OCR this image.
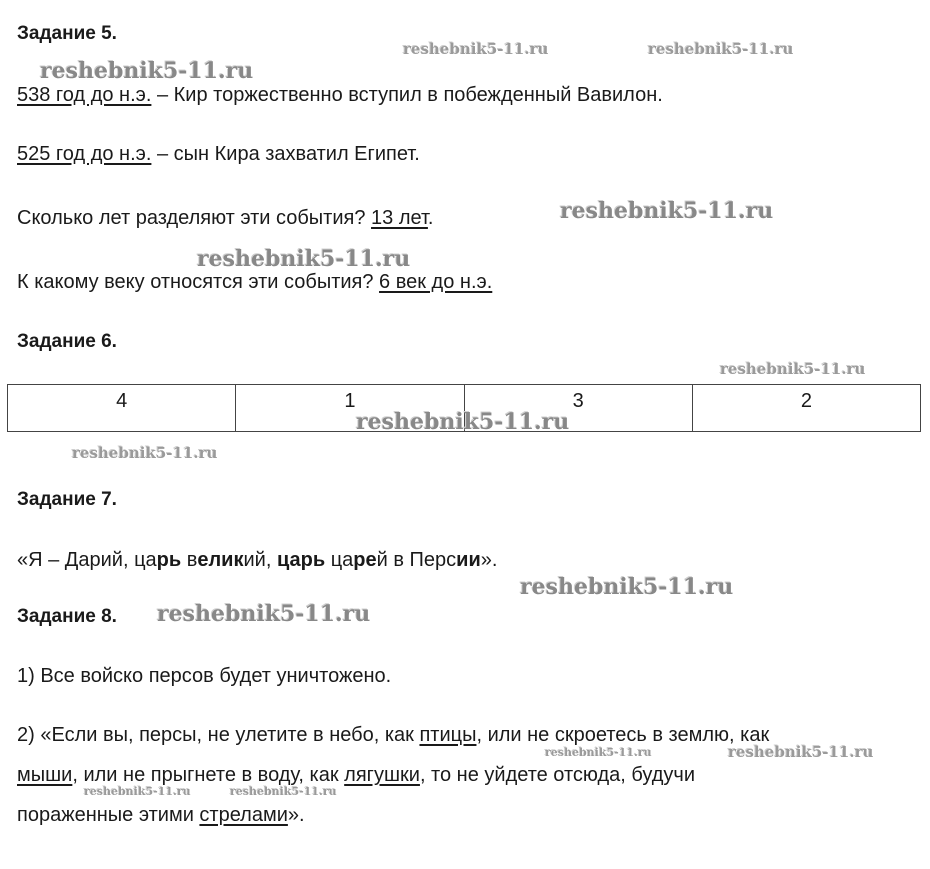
Задание 5.
538 год до н.э. – Кир торжественно вступил в побежденный Вавилон.
525 год до н.э. – сын Кира захватил Египет.
Сколько лет разделяют эти события? 13 лет.
К какому веку относятся эти события? 6 век до н.э.
Задание 6.
4	1	3	2
Задание 7.
«Я – Дарий, царь великий, царь царей в Персии».
Задание 8.
1) Все войско персов будет уничтожено.
2) «Если вы, персы, не улетите в небо, как птицы, или не скроетесь в землю, как
мыши, или не прыгнете в воду, как лягушки, то не уйдете отсюда, будучи
пораженные этими стрелами».
reshebnik5-11.ru	reshebnik5-11.ru
reshebnik5-11.ru
reshebnik5-11.ru
reshebnik5-11.ru
reshebnik5-11.ru
reshebnik5-11.ru
reshebnik5-11.ru
reshebnik5-11.ru
reshebnik5-11.ru
reshebnik5-11.ru	reshebnik5-11.ru
reshebnik5-11.ru	reshebnik5-11.ru
